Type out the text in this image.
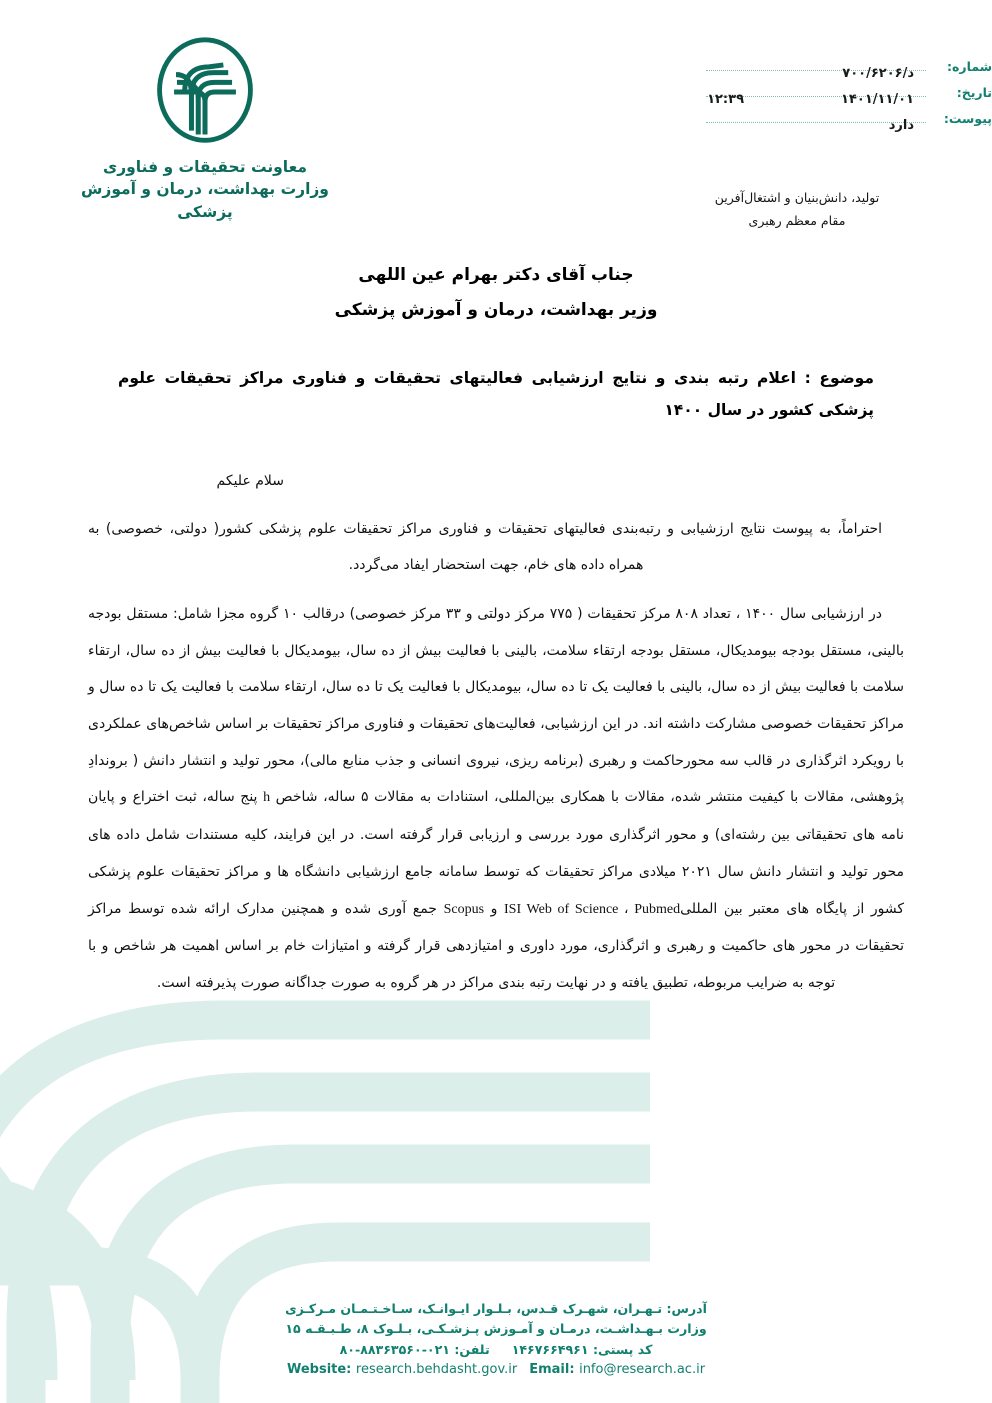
شماره:
د/۷۰۰/۶۲۰۶
تاریخ:
۱۴۰۱/۱۱/۰۱
۱۲:۳۹
پیوست:
دارد
معاونت تحقیقات و فناوری
وزارت بهداشت، درمان و آموزش پزشکی
تولید، دانش‌بنیان و اشتغال‌آفرین
مقام معظم رهبری
جناب آقای دکتر بهرام عین اللهی
وزیر بهداشت، درمان و آموزش پزشکی
موضوع : اعلام رتبه بندی و نتایج ارزشیابی فعالیتهای تحقیقات و فناوری مراکز تحقیقات علوم پزشکی کشور در سال ۱۴۰۰
سلام علیکم

احتراماً، به پیوست نتایج ارزشیابی و رتبه‌بندی فعالیتهای تحقیقات و فناوری مراکز تحقیقات علوم پزشکی کشور( دولتی، خصوصی) به همراه داده های خام، جهت استحضار ایفاد می‌گردد.

در ارزشیابی سال ۱۴۰۰ ، تعداد ۸۰۸ مرکز تحقیقات ( ۷۷۵ مرکز دولتی و ۳۳ مرکز خصوصی) درقالب ۱۰ گروه مجزا شامل: مستقل بودجه بالینی، مستقل بودجه بیومدیکال، مستقل بودجه ارتقاء سلامت، بالینی با فعالیت بیش از ده سال، بیومدیکال با فعالیت بیش از ده سال، ارتقاء سلامت با فعالیت بیش از ده سال، بالینی با فعالیت یک تا ده سال، بیومدیکال با فعالیت یک تا ده سال، ارتقاء سلامت با فعالیت یک تا ده سال و مراکز تحقیقات خصوصی مشارکت داشته اند. در این ارزشیابی، فعالیت‌های تحقیقات و فناوری مراکز تحقیقات بر اساس شاخص‌های عملکردی با رویکرد اثرگذاری در قالب سه محورحاکمت و رهبری (برنامه ریزی، نیروی انسانی و جذب منابع مالی)، محور تولید و انتشار دانش ( بروندادِ پژوهشی، مقالات با کیفیت منتشر شده، مقالات با همکاری بین‌المللی، استنادات به مقالات ۵ ساله، شاخص h پنج ساله، ثبت اختراع و پایان نامه های تحقیقاتی بین رشته‌ای) و محور اثرگذاری مورد بررسی و ارزیابی قرار گرفته است. در این فرایند، کلیه مستندات شامل داده های محور تولید و انتشار دانش سال ۲۰۲۱ میلادی مراکز تحقیقات که توسط سامانه جامع ارزشیابی دانشگاه ها و مراکز تحقیقات علوم پزشکی کشور از پایگاه های معتبر بین المللیISI Web of Science ، Pubmed و Scopus جمع آوری شده و همچنین مدارک ارائه شده توسط مراکز تحقیقات در محور های حاکمیت و رهبری و اثرگذاری، مورد داوری و امتیازدهی قرار گرفته و امتیازات خام بر اساس اهمیت هر شاخص و با توجه به ضرایب مربوطه، تطبیق یافته و در نهایت رتبه بندی مراکز در هر گروه به صورت جداگانه صورت پذیرفته است.

آدرس: تـهـران، شهـرک قـدس، بـلـوار ایـوانـک، سـاخـتـمـان مـرکـزی
وزارت بـهـداشـت، درمـان و آمـوزش پـزشـکـی، بـلـوک ۸، طـبـقـه ۱۵
کد پستی: ۱۴۶۷۶۶۴۹۶۱تلفن: ۰۲۱-۸۸۳۶۳۵۶۰-۸۰
Website: research.behdasht.gov.ir Email: info@research.ac.ir
